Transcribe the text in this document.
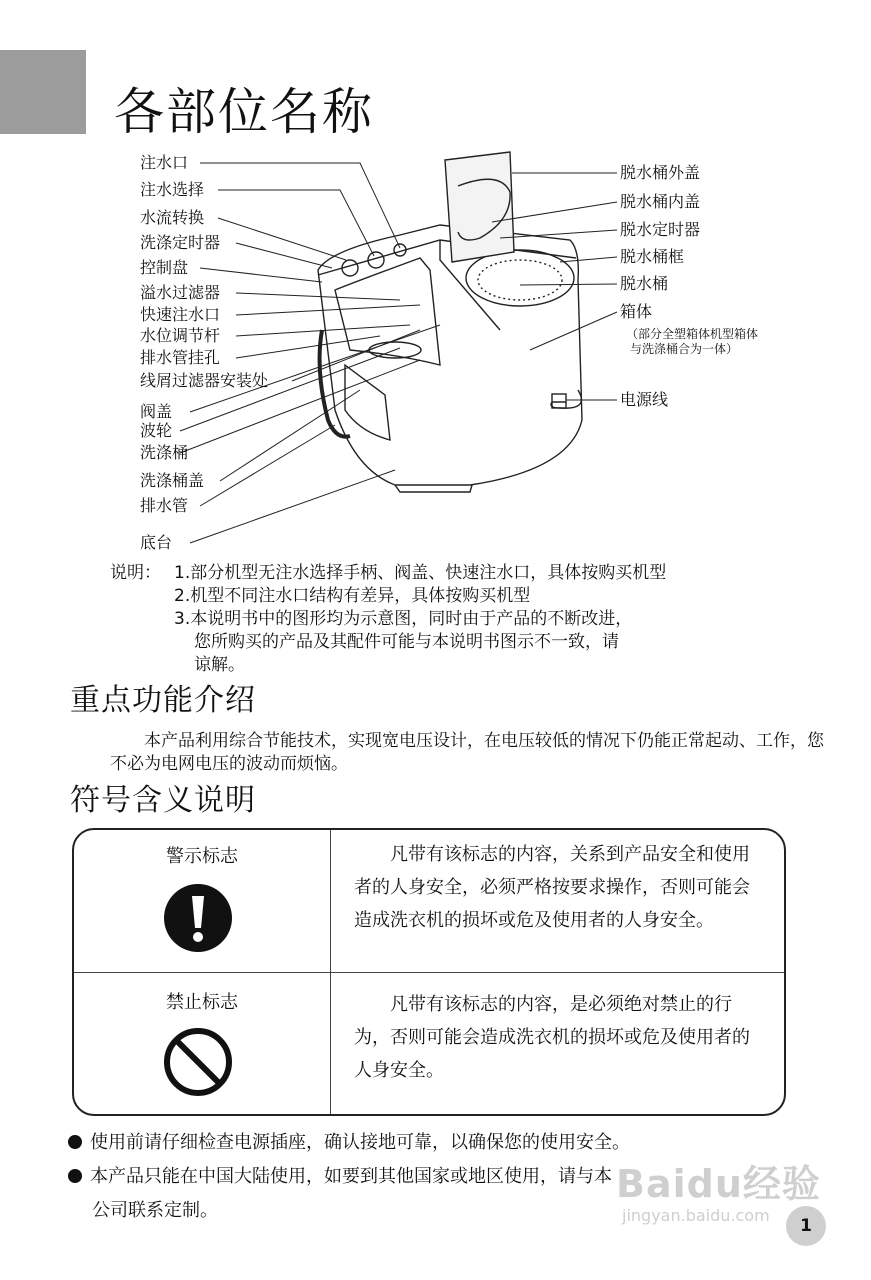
各部位名称
注水口
注水选择
水流转换
洗涤定时器
控制盘
溢水过滤器
快速注水口
水位调节杆
排水管挂孔
线屑过滤器安装处
阀盖
波轮
洗涤桶
洗涤桶盖
排水管
底台
脱水桶外盖
脱水桶内盖
脱水定时器
脱水桶框
脱水桶
箱体
（部分全塑箱体机型箱体
与洗涤桶合为一体）
电源线
说明： 1.部分机型无注水选择手柄、阀盖、快速注水口，具体按购买机型
2.机型不同注水口结构有差异，具体按购买机型
3.本说明书中的图形均为示意图，同时由于产品的不断改进，
您所购买的产品及其配件可能与本说明书图示不一致，请
谅解。
重点功能介绍

本产品利用综合节能技术，实现宽电压设计，在电压较低的情况下仍能正常起动、工作，您不必为电网电压的波动而烦恼。

符号含义说明
警示标志	凡带有该标志的内容，关系到产品安全和使用者的人身安全，必须严格按要求操作，否则可能会造成洗衣机的损坏或危及使用者的人身安全。

禁止标志	凡带有该标志的内容，是必须绝对禁止的行为，否则可能会造成洗衣机的损坏或危及使用者的人身安全。

使用前请仔细检查电源插座，确认接地可靠，以确保您的使用安全。
本产品只能在中国大陆使用，如要到其他国家或地区使用，请与本
公司联系定制。
Baidu经验
jingyan.baidu.com
1
